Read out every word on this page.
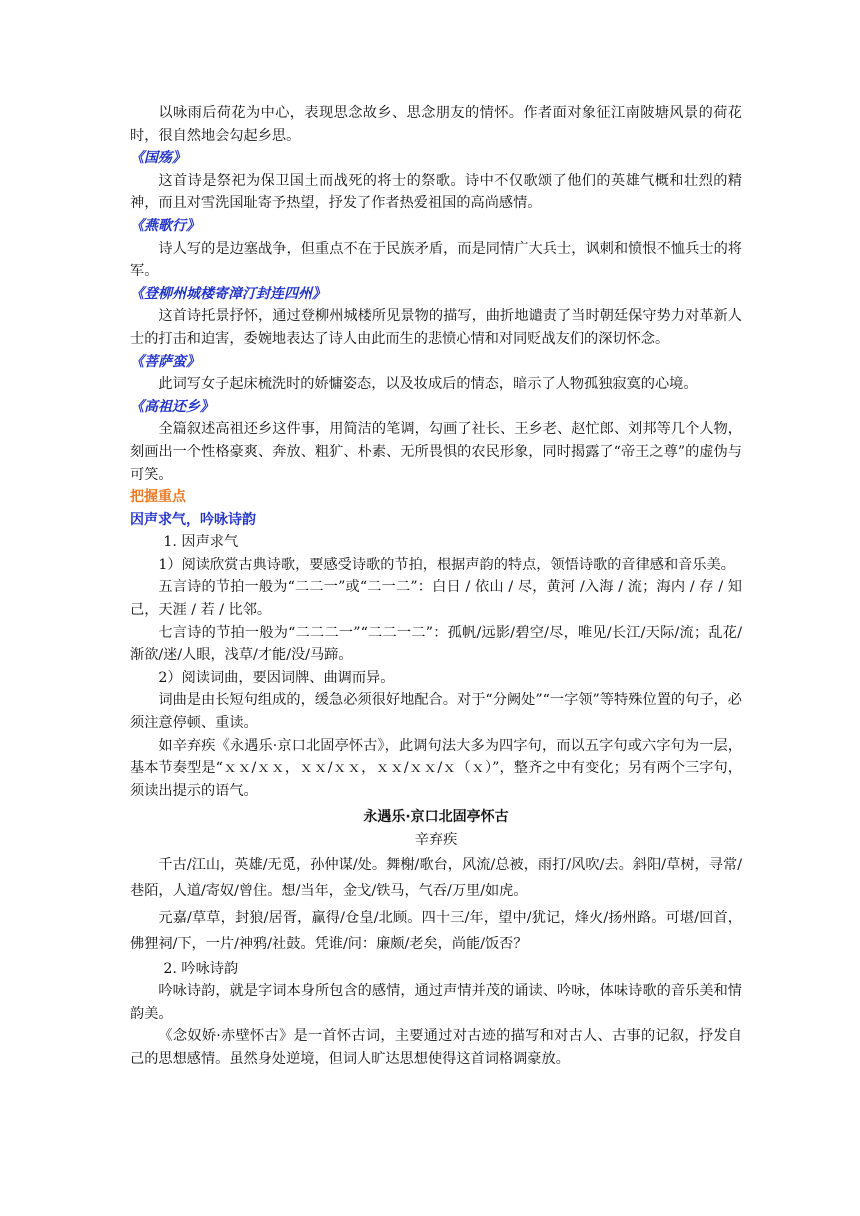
以咏雨后荷花为中心，表现思念故乡、思念朋友的情怀。作者面对象征江南陂塘风景的荷花时，很自然地会勾起乡思。

《国殇》

这首诗是祭祀为保卫国土而战死的将士的祭歌。诗中不仅歌颂了他们的英雄气概和壮烈的精神，而且对雪洗国耻寄予热望，抒发了作者热爱祖国的高尚感情。

《燕歌行》

诗人写的是边塞战争，但重点不在于民族矛盾，而是同情广大兵士，讽刺和愤恨不恤兵士的将军。

《登柳州城楼寄漳汀封连四州》

这首诗托景抒怀，通过登柳州城楼所见景物的描写，曲折地谴责了当时朝廷保守势力对革新人士的打击和迫害，委婉地表达了诗人由此而生的悲愤心情和对同贬战友们的深切怀念。

《菩萨蛮》

此词写女子起床梳洗时的娇慵姿态，以及妆成后的情态，暗示了人物孤独寂寞的心境。

《高祖还乡》

全篇叙述高祖还乡这件事，用简洁的笔调，勾画了社长、王乡老、赵忙郎、刘邦等几个人物，刻画出一个性格豪爽、奔放、粗犷、朴素、无所畏惧的农民形象，同时揭露了“帝王之尊”的虚伪与可笑。

把握重点

因声求气，吟咏诗韵

1. 因声求气

1）阅读欣赏古典诗歌，要感受诗歌的节拍，根据声韵的特点，领悟诗歌的音律感和音乐美。

五言诗的节拍一般为“二二一”或“二一二”：白日 / 依山 / 尽，黄河 /入海 / 流；海内 / 存 / 知己，天涯 / 若 / 比邻。

七言诗的节拍一般为“二二二一”“二二一二”：孤帆/远影/碧空/尽，唯见/长江/天际/流；乱花/渐欲/迷/人眼，浅草/才能/没/马蹄。

2）阅读词曲，要因词牌、曲调而异。

词曲是由长短句组成的，缓急必须很好地配合。对于“分阙处”“一字领”等特殊位置的句子，必须注意停顿、重读。

如辛弃疾《永遇乐·京口北固亭怀古》，此调句法大多为四字句，而以五字句或六字句为一层，基本节奏型是“ｘｘ/ｘｘ，ｘｘ/ｘｘ，ｘｘ/ｘｘ/ｘ（ｘ）”，整齐之中有变化；另有两个三字句，须读出提示的语气。

永遇乐·京口北固亭怀古

辛弃疾

千古/江山，英雄/无觅，孙仲谋/处。舞榭/歌台，风流/总被，雨打/风吹/去。斜阳/草树，寻常/巷陌，人道/寄奴/曾住。想/当年，金戈/铁马，气吞/万里/如虎。

元嘉/草草，封狼/居胥，赢得/仓皇/北顾。四十三/年，望中/犹记，烽火/扬州路。可堪/回首，佛狸祠/下，一片/神鸦/社鼓。凭谁/问：廉颇/老矣，尚能/饭否？

2. 吟咏诗韵

吟咏诗韵，就是字词本身所包含的感情，通过声情并茂的诵读、吟咏，体味诗歌的音乐美和情韵美。

《念奴娇·赤壁怀古》是一首怀古词，主要通过对古迹的描写和对古人、古事的记叙，抒发自己的思想感情。虽然身处逆境，但词人旷达思想使得这首词格调豪放。
